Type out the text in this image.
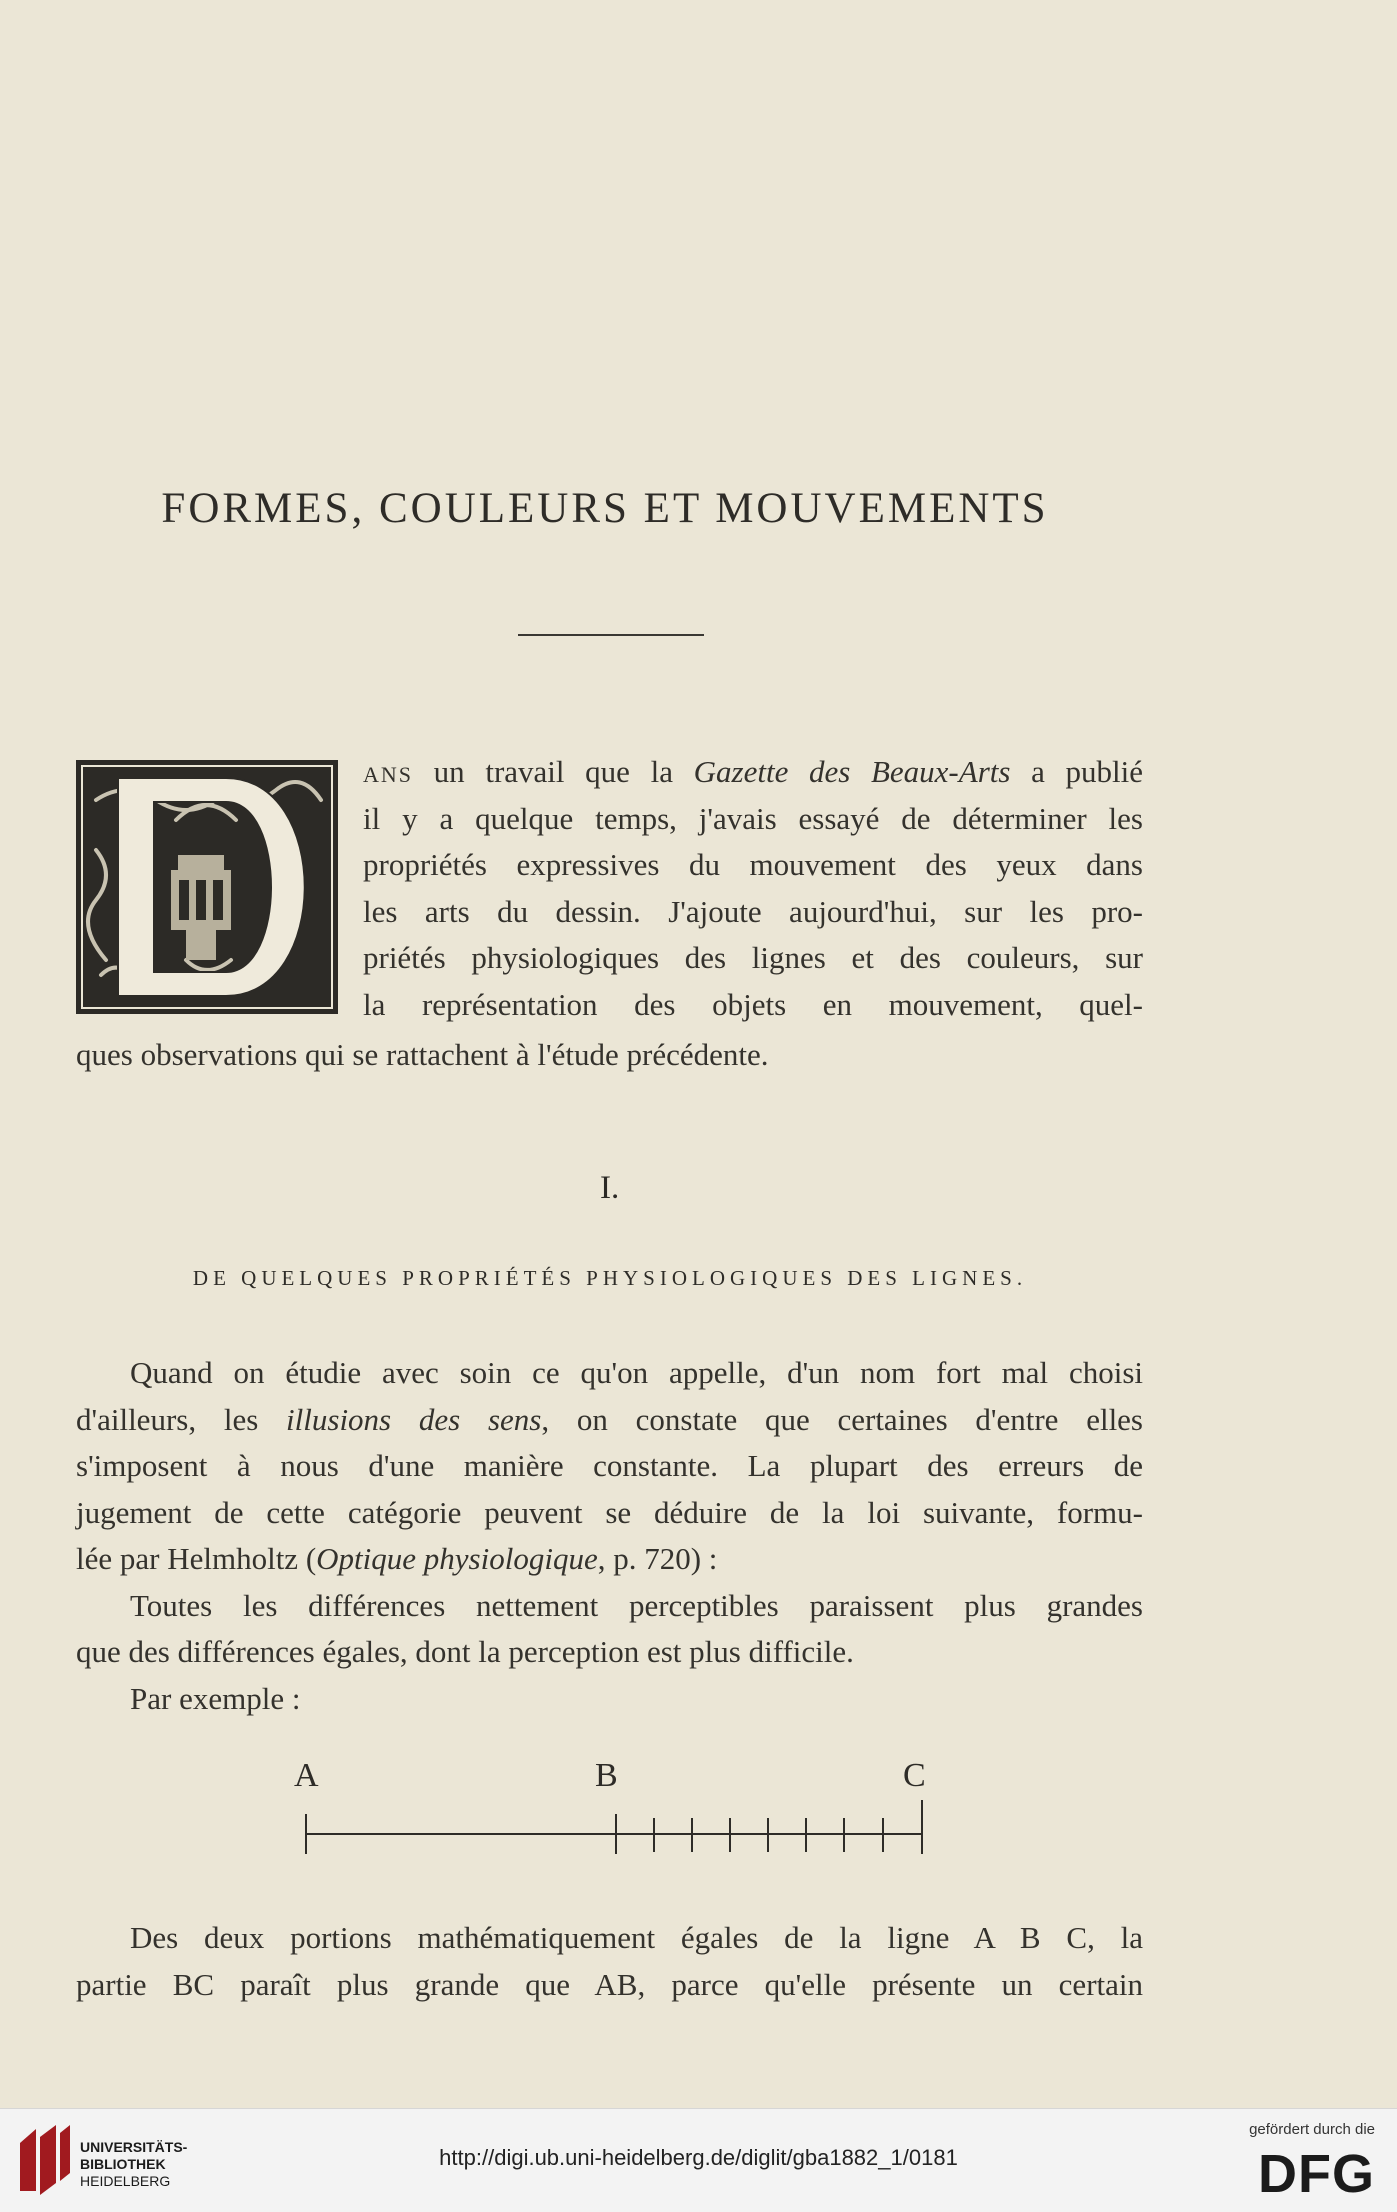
FORMES, COULEURS ET MOUVEMENTS
ans un travail que la Gazette des Beaux-Arts a publié
il y a quelque temps, j'avais essayé de déterminer les
propriétés expressives du mouvement des yeux dans
les arts du dessin. J'ajoute aujourd'hui, sur les pro-
priétés physiologiques des lignes et des couleurs, sur
la représentation des objets en mouvement, quel-
ques observations qui se rattachent à l'étude précédente.
I.
DE QUELQUES PROPRIÉTÉS PHYSIOLOGIQUES DES LIGNES.
Quand on étudie avec soin ce qu'on appelle, d'un nom fort mal choisi
d'ailleurs, les illusions des sens, on constate que certaines d'entre elles
s'imposent à nous d'une manière constante. La plupart des erreurs de
jugement de cette catégorie peuvent se déduire de la loi suivante, formu-
lée par Helmholtz (Optique physiologique, p. 720) :
Toutes les différences nettement perceptibles paraissent plus grandes
que des différences égales, dont la perception est plus difficile.
Par exemple :
A	B	C
Des deux portions mathématiquement égales de la ligne A B C, la
partie BC paraît plus grande que AB, parce qu'elle présente un certain
UNIVERSITÄTS-
BIBLIOTHEK
HEIDELBERG
http://digi.ub.uni-heidelberg.de/diglit/gba1882_1/0181
gefördert durch die
DFG
